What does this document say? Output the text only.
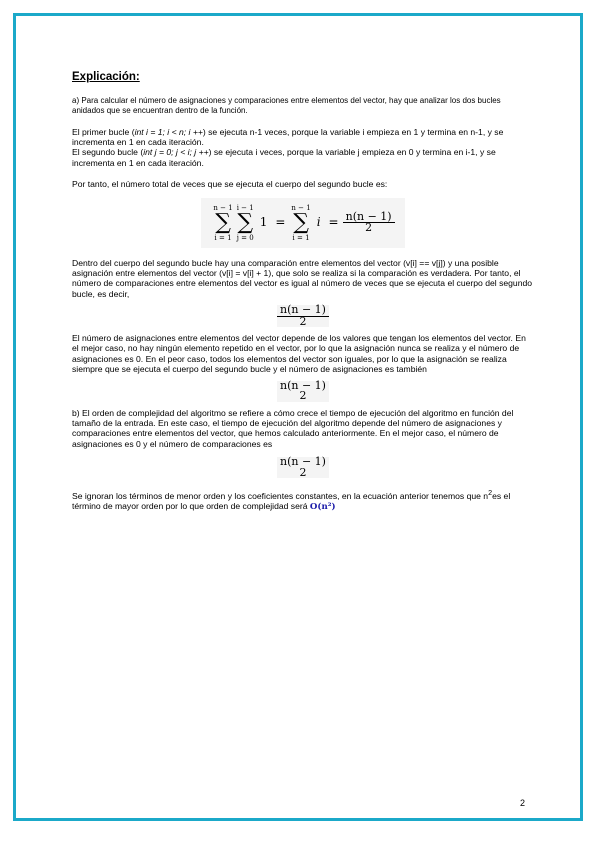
Explicación:

a) Para calcular el número de asignaciones y comparaciones entre elementos del vector, hay que analizar los dos bucles anidados que se encuentran dentro de la función.

El primer bucle (int i = 1; i < n; i ++) se ejecuta n-1 veces, porque la variable i empieza en 1 y termina en n-1, y se incrementa en 1 en cada iteración.

El segundo bucle (int j = 0; j < i; j ++) se ejecuta i veces, porque la variable j empieza en 0 y termina en i-1, y se incrementa en 1 en cada iteración.

Por tanto, el número total de veces que se ejecuta el cuerpo del segundo bucle es:

n − 1
∑
i = 1
i − 1
∑
j = 0
1 =
n − 1
∑
i = 1
$i = \frac{n(n - 1)}{2}$

Dentro del cuerpo del segundo bucle hay una comparación entre elementos del vector (v[i] == v[j]) y una posible asignación entre elementos del vector (v[i] = v[i] + 1), que solo se realiza si la comparación es verdadera. Por tanto, el número de comparaciones entre elementos del vector es igual al número de veces que se ejecuta el cuerpo del segundo bucle, es decir,

$\frac{n(n - 1)}{2}$

El número de asignaciones entre elementos del vector depende de los valores que tengan los elementos del vector. En el mejor caso, no hay ningún elemento repetido en el vector, por lo que la asignación nunca se realiza y el número de asignaciones es 0. En el peor caso, todos los elementos del vector son iguales, por lo que la asignación se realiza siempre que se ejecuta el cuerpo del segundo bucle y el número de asignaciones es también

n(n − 1)
2

b) El orden de complejidad del algoritmo se refiere a cómo crece el tiempo de ejecución del algoritmo en función del tamaño de la entrada. En este caso, el tiempo de ejecución del algoritmo depende del número de asignaciones y comparaciones entre elementos del vector, que hemos calculado anteriormente. En el mejor caso, el número de asignaciones es 0 y el número de comparaciones es

n(n − 1)
2

Se ignoran los términos de menor orden y los coeficientes constantes, en la ecuación anterior tenemos que $n^2es$ el término de mayor orden por lo que orden de complejidad será O(n²)

2
